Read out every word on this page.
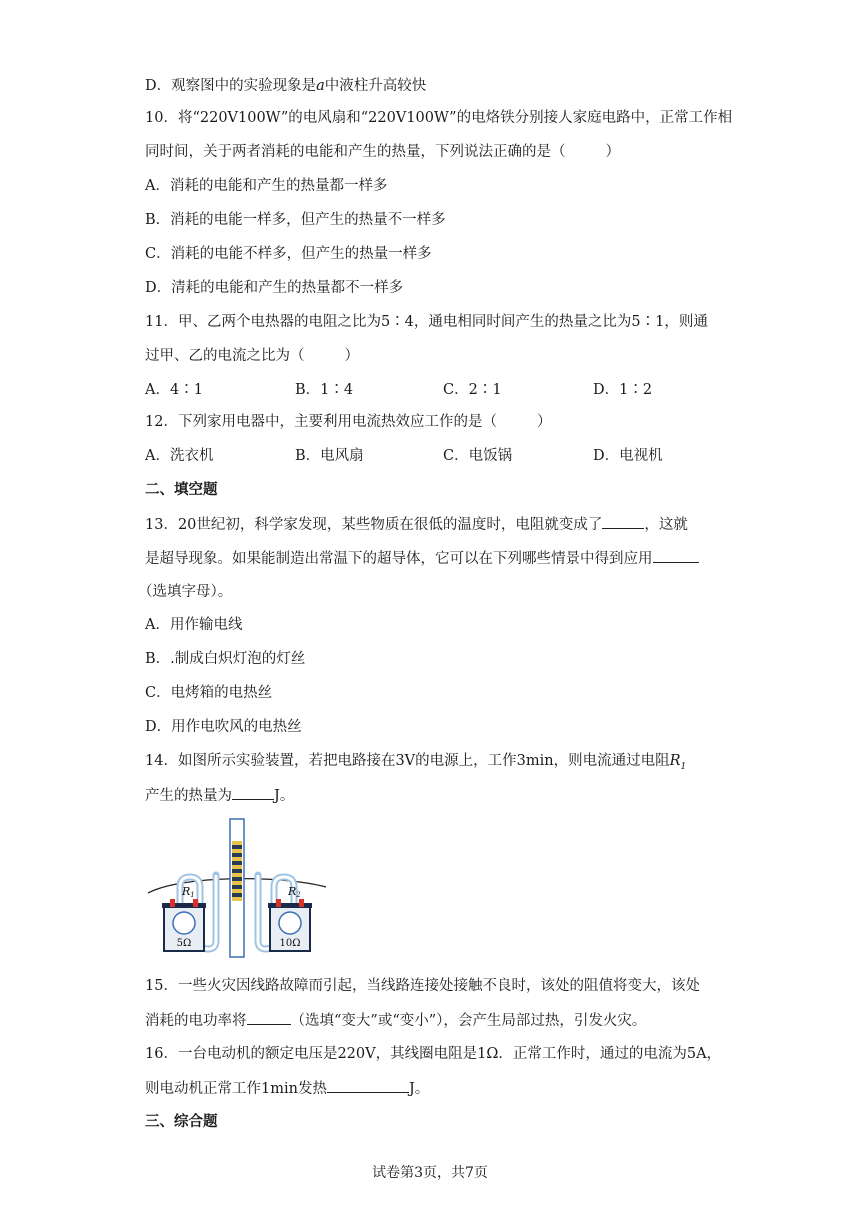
D．观察图中的实验现象是a中液柱升高较快
10．将“220V100W”的电风扇和“220V100W”的电烙铁分别接人家庭电路中，正常工作相
同时间，关于两者消耗的电能和产生的热量，下列说法正确的是（	）
A．消耗的电能和产生的热量都一样多
B．消耗的电能一样多，但产生的热量不一样多
C．消耗的电能不样多，但产生的热量一样多
D．清耗的电能和产生的热量都不一样多
11．甲、乙两个电热器的电阻之比为5∶4，通电相同时间产生的热量之比为5∶1，则通
过甲、乙的电流之比为（	）
A．4∶1	B．1∶4	C．2∶1	D．1∶2
12．下列家用电器中，主要利用电流热效应工作的是（	）
A．洗衣机	B．电风扇	C．电饭锅	D．电视机
二、填空题
13．20世纪初，科学家发现，某些物质在很低的温度时，电阻就变成了	，这就
是超导现象。如果能制造出常温下的超导体，它可以在下列哪些情景中得到应用
（选填字母）。
A．用作输电线
B．.制成白炽灯泡的灯丝
C．电烤箱的电热丝
D．用作电吹风的电热丝
14．如图所示实验装置，若把电路接在3V的电源上，工作3min，则电流通过电阻$R_1$
产生的热量为	J。
R1
5Ω
R2
10Ω
15．一些火灾因线路故障而引起，当线路连接处接触不良时，该处的阻值将变大，该处
消耗的电功率将	（选填“变大”或“变小”），会产生局部过热，引发火灾。
16．一台电动机的额定电压是220V，其线圈电阻是1Ω．正常工作时，通过的电流为5A，
则电动机正常工作1min发热	J。
三、综合题
试卷第3页，共7页
